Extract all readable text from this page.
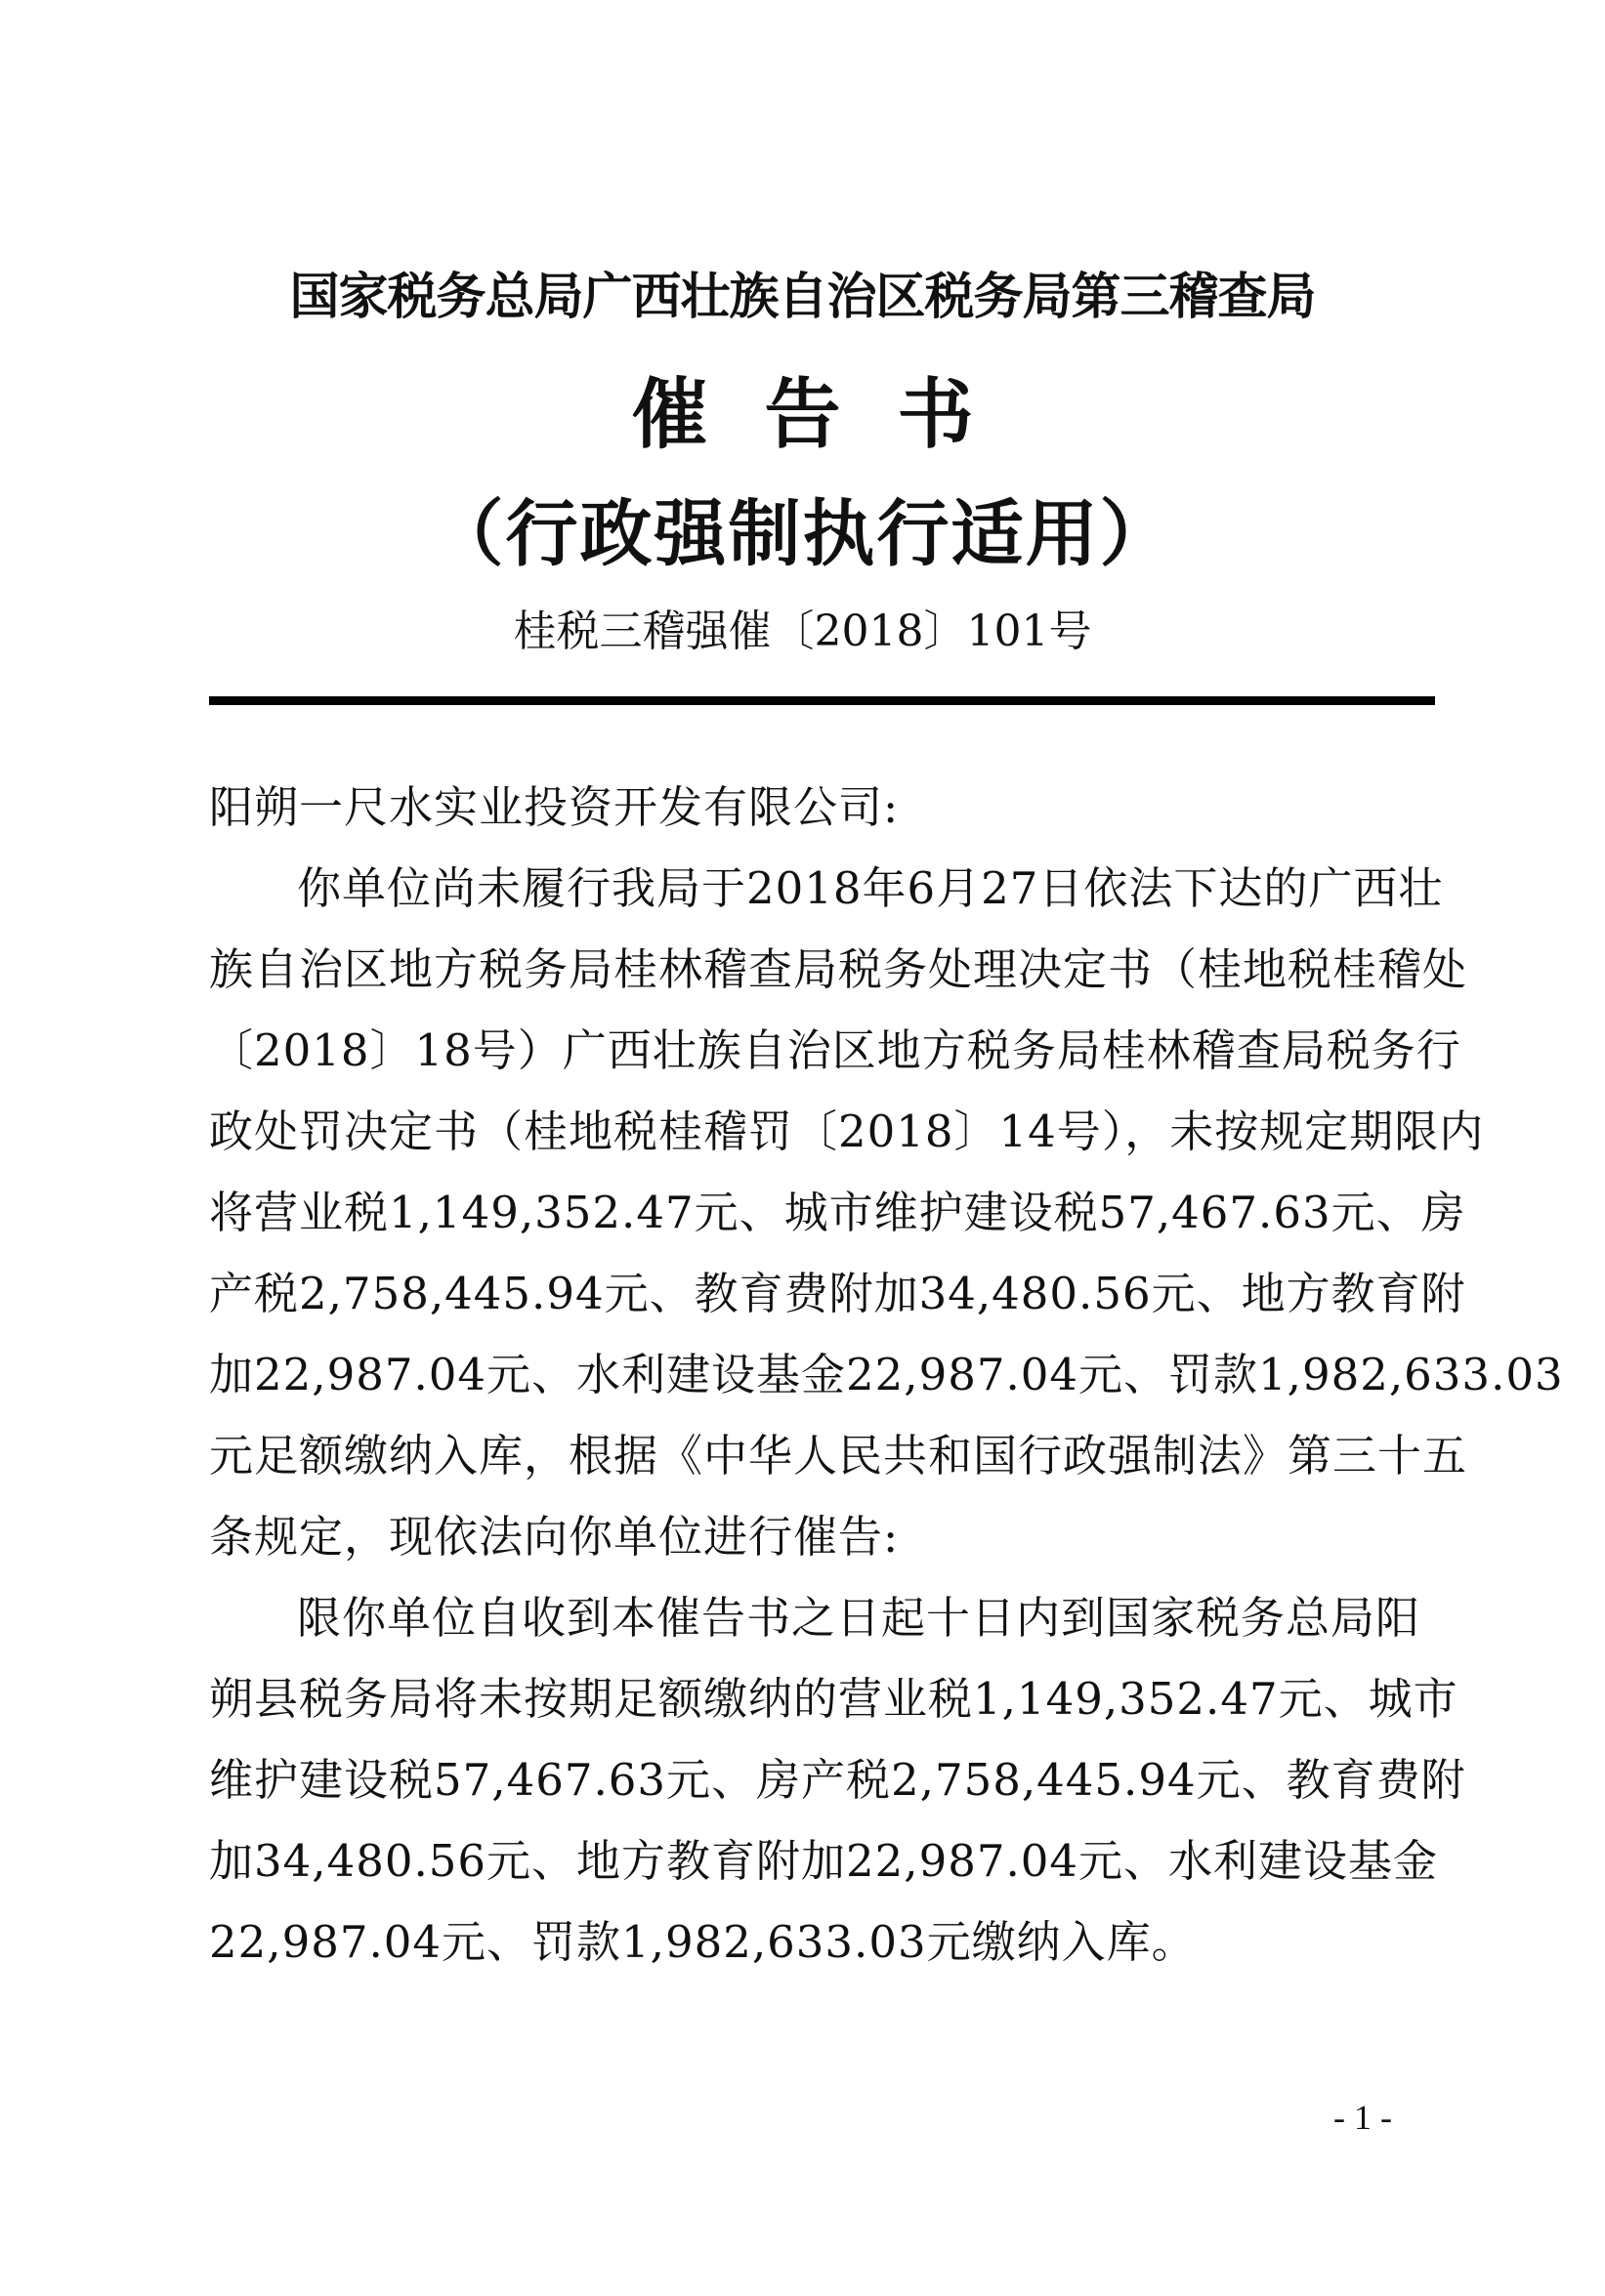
国家税务总局广西壮族自治区税务局第三稽查局
催告书
（行政强制执行适用）
桂税三稽强催〔2018〕101号
阳朔一尺水实业投资开发有限公司:
你单位尚未履行我局于2018年6月27日依法下达的广西壮
族自治区地方税务局桂林稽查局税务处理决定书（桂地税桂稽处
〔2018〕18号）广西壮族自治区地方税务局桂林稽查局税务行
政处罚决定书（桂地税桂稽罚〔2018〕14号），未按规定期限内
将营业税1,149,352.47元、城市维护建设税57,467.63元、房
产税2,758,445.94元、教育费附加34,480.56元、地方教育附
加22,987.04元、水利建设基金22,987.04元、罚款1,982,633.03
元足额缴纳入库，根据《中华人民共和国行政强制法》第三十五
条规定，现依法向你单位进行催告:
限你单位自收到本催告书之日起十日内到国家税务总局阳
朔县税务局将未按期足额缴纳的营业税1,149,352.47元、城市
维护建设税57,467.63元、房产税2,758,445.94元、教育费附
加34,480.56元、地方教育附加22,987.04元、水利建设基金
22,987.04元、罚款1,982,633.03元缴纳入库。
- 1 -
